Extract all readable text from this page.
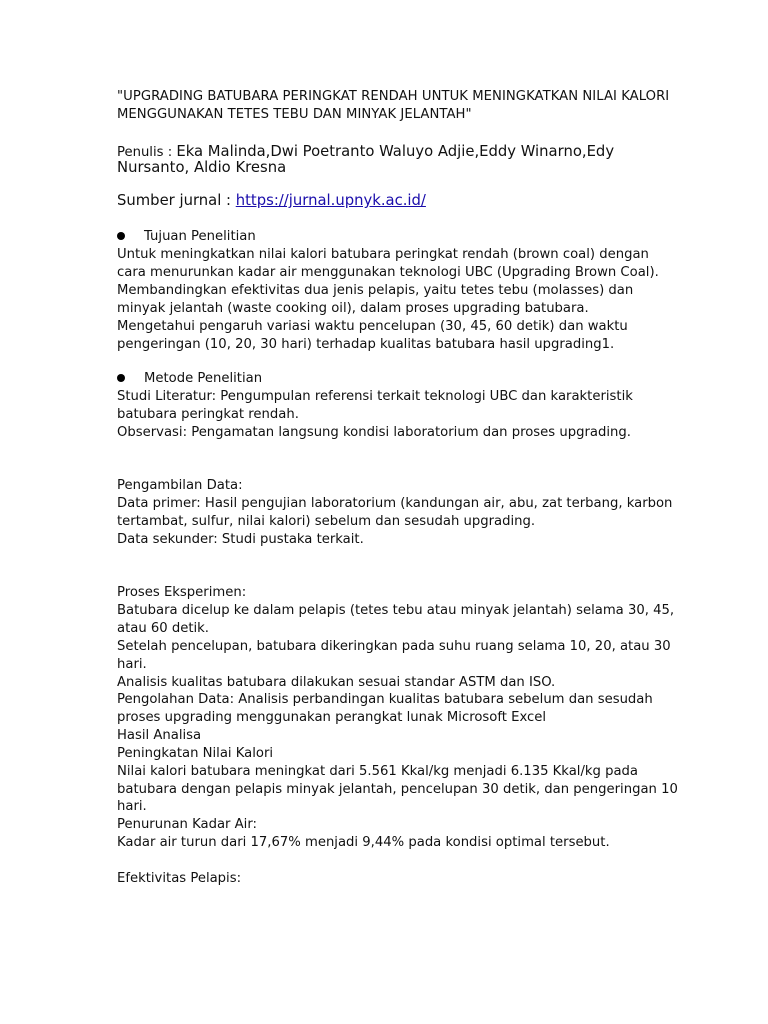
"UPGRADING BATUBARA PERINGKAT RENDAH UNTUK MENINGKATKAN NILAI KALORI
MENGGUNAKAN TETES TEBU DAN MINYAK JELANTAH"
Penulis : Eka Malinda,Dwi Poetranto Waluyo Adjie,Eddy Winarno,Edy
Nursanto, Aldio Kresna
Sumber jurnal : https://jurnal.upnyk.ac.id/
Tujuan Penelitian
Untuk meningkatkan nilai kalori batubara peringkat rendah (brown coal) dengan
cara menurunkan kadar air menggunakan teknologi UBC (Upgrading Brown Coal).
Membandingkan efektivitas dua jenis pelapis, yaitu tetes tebu (molasses) dan
minyak jelantah (waste cooking oil), dalam proses upgrading batubara.
Mengetahui pengaruh variasi waktu pencelupan (30, 45, 60 detik) dan waktu
pengeringan (10, 20, 30 hari) terhadap kualitas batubara hasil upgrading1.
Metode Penelitian
Studi Literatur: Pengumpulan referensi terkait teknologi UBC dan karakteristik
batubara peringkat rendah.
Observasi: Pengamatan langsung kondisi laboratorium dan proses upgrading.
Pengambilan Data:
Data primer: Hasil pengujian laboratorium (kandungan air, abu, zat terbang, karbon
tertambat, sulfur, nilai kalori) sebelum dan sesudah upgrading.
Data sekunder: Studi pustaka terkait.
Proses Eksperimen:
Batubara dicelup ke dalam pelapis (tetes tebu atau minyak jelantah) selama 30, 45,
atau 60 detik.
Setelah pencelupan, batubara dikeringkan pada suhu ruang selama 10, 20, atau 30
hari.
Analisis kualitas batubara dilakukan sesuai standar ASTM dan ISO.
Pengolahan Data: Analisis perbandingan kualitas batubara sebelum dan sesudah
proses upgrading menggunakan perangkat lunak Microsoft Excel
Hasil Analisa
Peningkatan Nilai Kalori
Nilai kalori batubara meningkat dari 5.561 Kkal/kg menjadi 6.135 Kkal/kg pada
batubara dengan pelapis minyak jelantah, pencelupan 30 detik, dan pengeringan 10
hari.
Penurunan Kadar Air:
Kadar air turun dari 17,67% menjadi 9,44% pada kondisi optimal tersebut.
Efektivitas Pelapis:
